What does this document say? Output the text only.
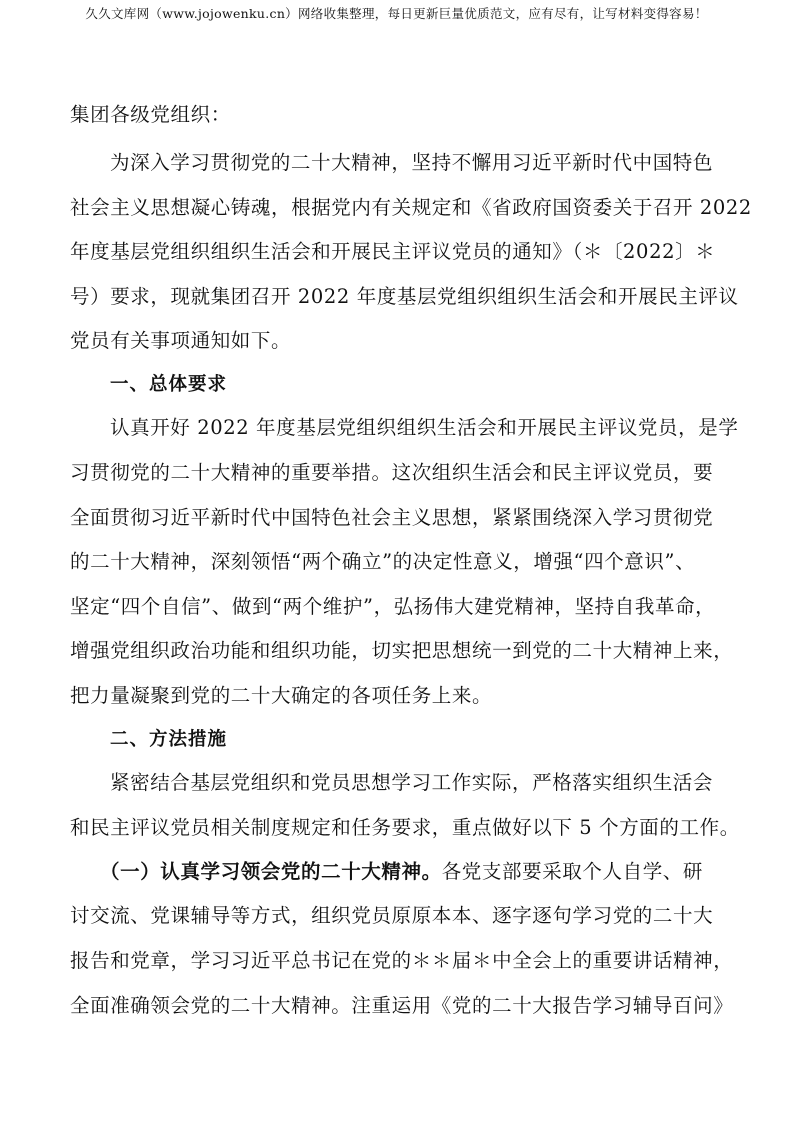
久久文库网（www.jojowenku.cn）网络收集整理，每日更新巨量优质范文，应有尽有，让写材料变得容易！
集团各级党组织：
为深入学习贯彻党的二十大精神，坚持不懈用习近平新时代中国特色
社会主义思想凝心铸魂，根据党内有关规定和《省政府国资委关于召开 2022
年度基层党组织组织生活会和开展民主评议党员的通知》（＊〔2022〕＊
号）要求，现就集团召开 2022 年度基层党组织组织生活会和开展民主评议
党员有关事项通知如下。
一、总体要求
认真开好 2022 年度基层党组织组织生活会和开展民主评议党员，是学
习贯彻党的二十大精神的重要举措。这次组织生活会和民主评议党员，要
全面贯彻习近平新时代中国特色社会主义思想，紧紧围绕深入学习贯彻党
的二十大精神，深刻领悟“两个确立”的决定性意义，增强“四个意识”、
坚定“四个自信”、做到“两个维护”，弘扬伟大建党精神，坚持自我革命，
增强党组织政治功能和组织功能，切实把思想统一到党的二十大精神上来，
把力量凝聚到党的二十大确定的各项任务上来。
二、方法措施
紧密结合基层党组织和党员思想学习工作实际，严格落实组织生活会
和民主评议党员相关制度规定和任务要求，重点做好以下 5 个方面的工作。
（一）认真学习领会党的二十大精神。各党支部要采取个人自学、研
讨交流、党课辅导等方式，组织党员原原本本、逐字逐句学习党的二十大
报告和党章，学习习近平总书记在党的＊＊届＊中全会上的重要讲话精神，
全面准确领会党的二十大精神。注重运用《党的二十大报告学习辅导百问》
